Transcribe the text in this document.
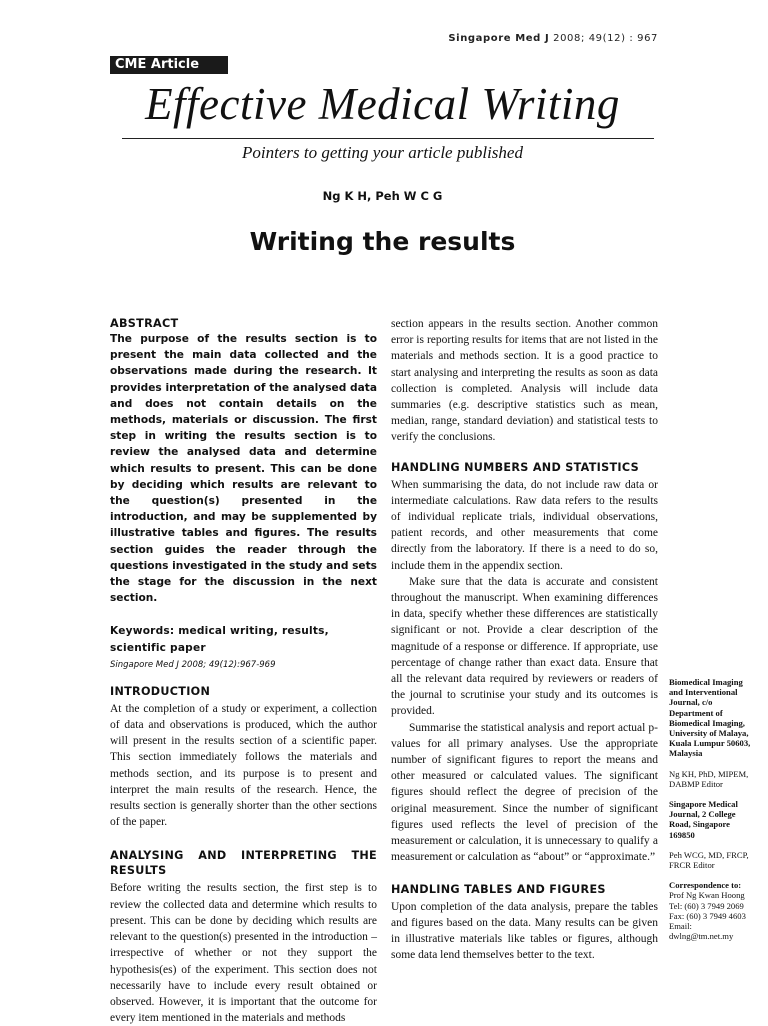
Singapore Med J 2008; 49(12) : 967
CME Article
Effective Medical Writing
Pointers to getting your article published
Ng K H, Peh W C G
Writing the results

ABSTRACT

The purpose of the results section is to present the main data collected and the observations made during the research. It provides interpretation of the analysed data and does not contain details on the methods, materials or discussion. The first step in writing the results section is to review the analysed data and determine which results to present. This can be done by deciding which results are relevant to the question(s) presented in the introduction, and may be supplemented by illustrative tables and figures. The results section guides the reader through the questions investigated in the study and sets the stage for the discussion in the next section.

Keywords: medical writing, results, scientific paper

Singapore Med J 2008; 49(12):967-969

INTRODUCTION

At the completion of a study or experiment, a collection of data and observations is produced, which the author will present in the results section of a scientific paper. This section immediately follows the materials and methods section, and its purpose is to present and interpret the main results of the research. Hence, the results section is generally shorter than the other sections of the paper.

ANALYSING AND INTERPRETING THE RESULTS

Before writing the results section, the first step is to review the collected data and determine which results to present. This can be done by deciding which results are relevant to the question(s) presented in the introduction – irrespective of whether or not they support the hypothesis(es) of the experiment. This section does not necessarily have to include every result obtained or observed. However, it is important that the outcome for every item mentioned in the materials and methods

section appears in the results section. Another common error is reporting results for items that are not listed in the materials and methods section. It is a good practice to start analysing and interpreting the results as soon as data collection is completed. Analysis will include data summaries (e.g. descriptive statistics such as mean, median, range, standard deviation) and statistical tests to verify the conclusions.

HANDLING NUMBERS AND STATISTICS

When summarising the data, do not include raw data or intermediate calculations. Raw data refers to the results of individual replicate trials, individual observations, patient records, and other measurements that come directly from the laboratory. If there is a need to do so, include them in the appendix section.

Make sure that the data is accurate and consistent throughout the manuscript. When examining differences in data, specify whether these differences are statistically significant or not. Provide a clear description of the magnitude of a response or difference. If appropriate, use percentage of change rather than exact data. Ensure that all the relevant data required by reviewers or readers of the journal to scrutinise your study and its outcomes is provided.

Summarise the statistical analysis and report actual p-values for all primary analyses. Use the appropriate number of significant figures to report the means and other measured or calculated values. The significant figures should reflect the degree of precision of the original measurement. Since the number of significant figures used reflects the level of precision of the measurement or calculation, it is unnecessary to qualify a measurement or calculation as “about” or “approximate.”

HANDLING TABLES AND FIGURES

Upon completion of the data analysis, prepare the tables and figures based on the data. Many results can be given in illustrative materials like tables or figures, although some data lend themselves better to the text.

Biomedical Imaging and Interventional Journal, c/o Department of Biomedical Imaging, University of Malaya, Kuala Lumpur 50603, Malaysia

Ng KH, PhD, MIPEM, DABMP Editor

Singapore Medical Journal, 2 College Road, Singapore 169850

Peh WCG, MD, FRCP, FRCR Editor

Correspondence to:

Prof Ng Kwan Hoong

Tel: (60) 3 7949 2069

Fax: (60) 3 7949 4603

Email: dwlng@tm.net.my
